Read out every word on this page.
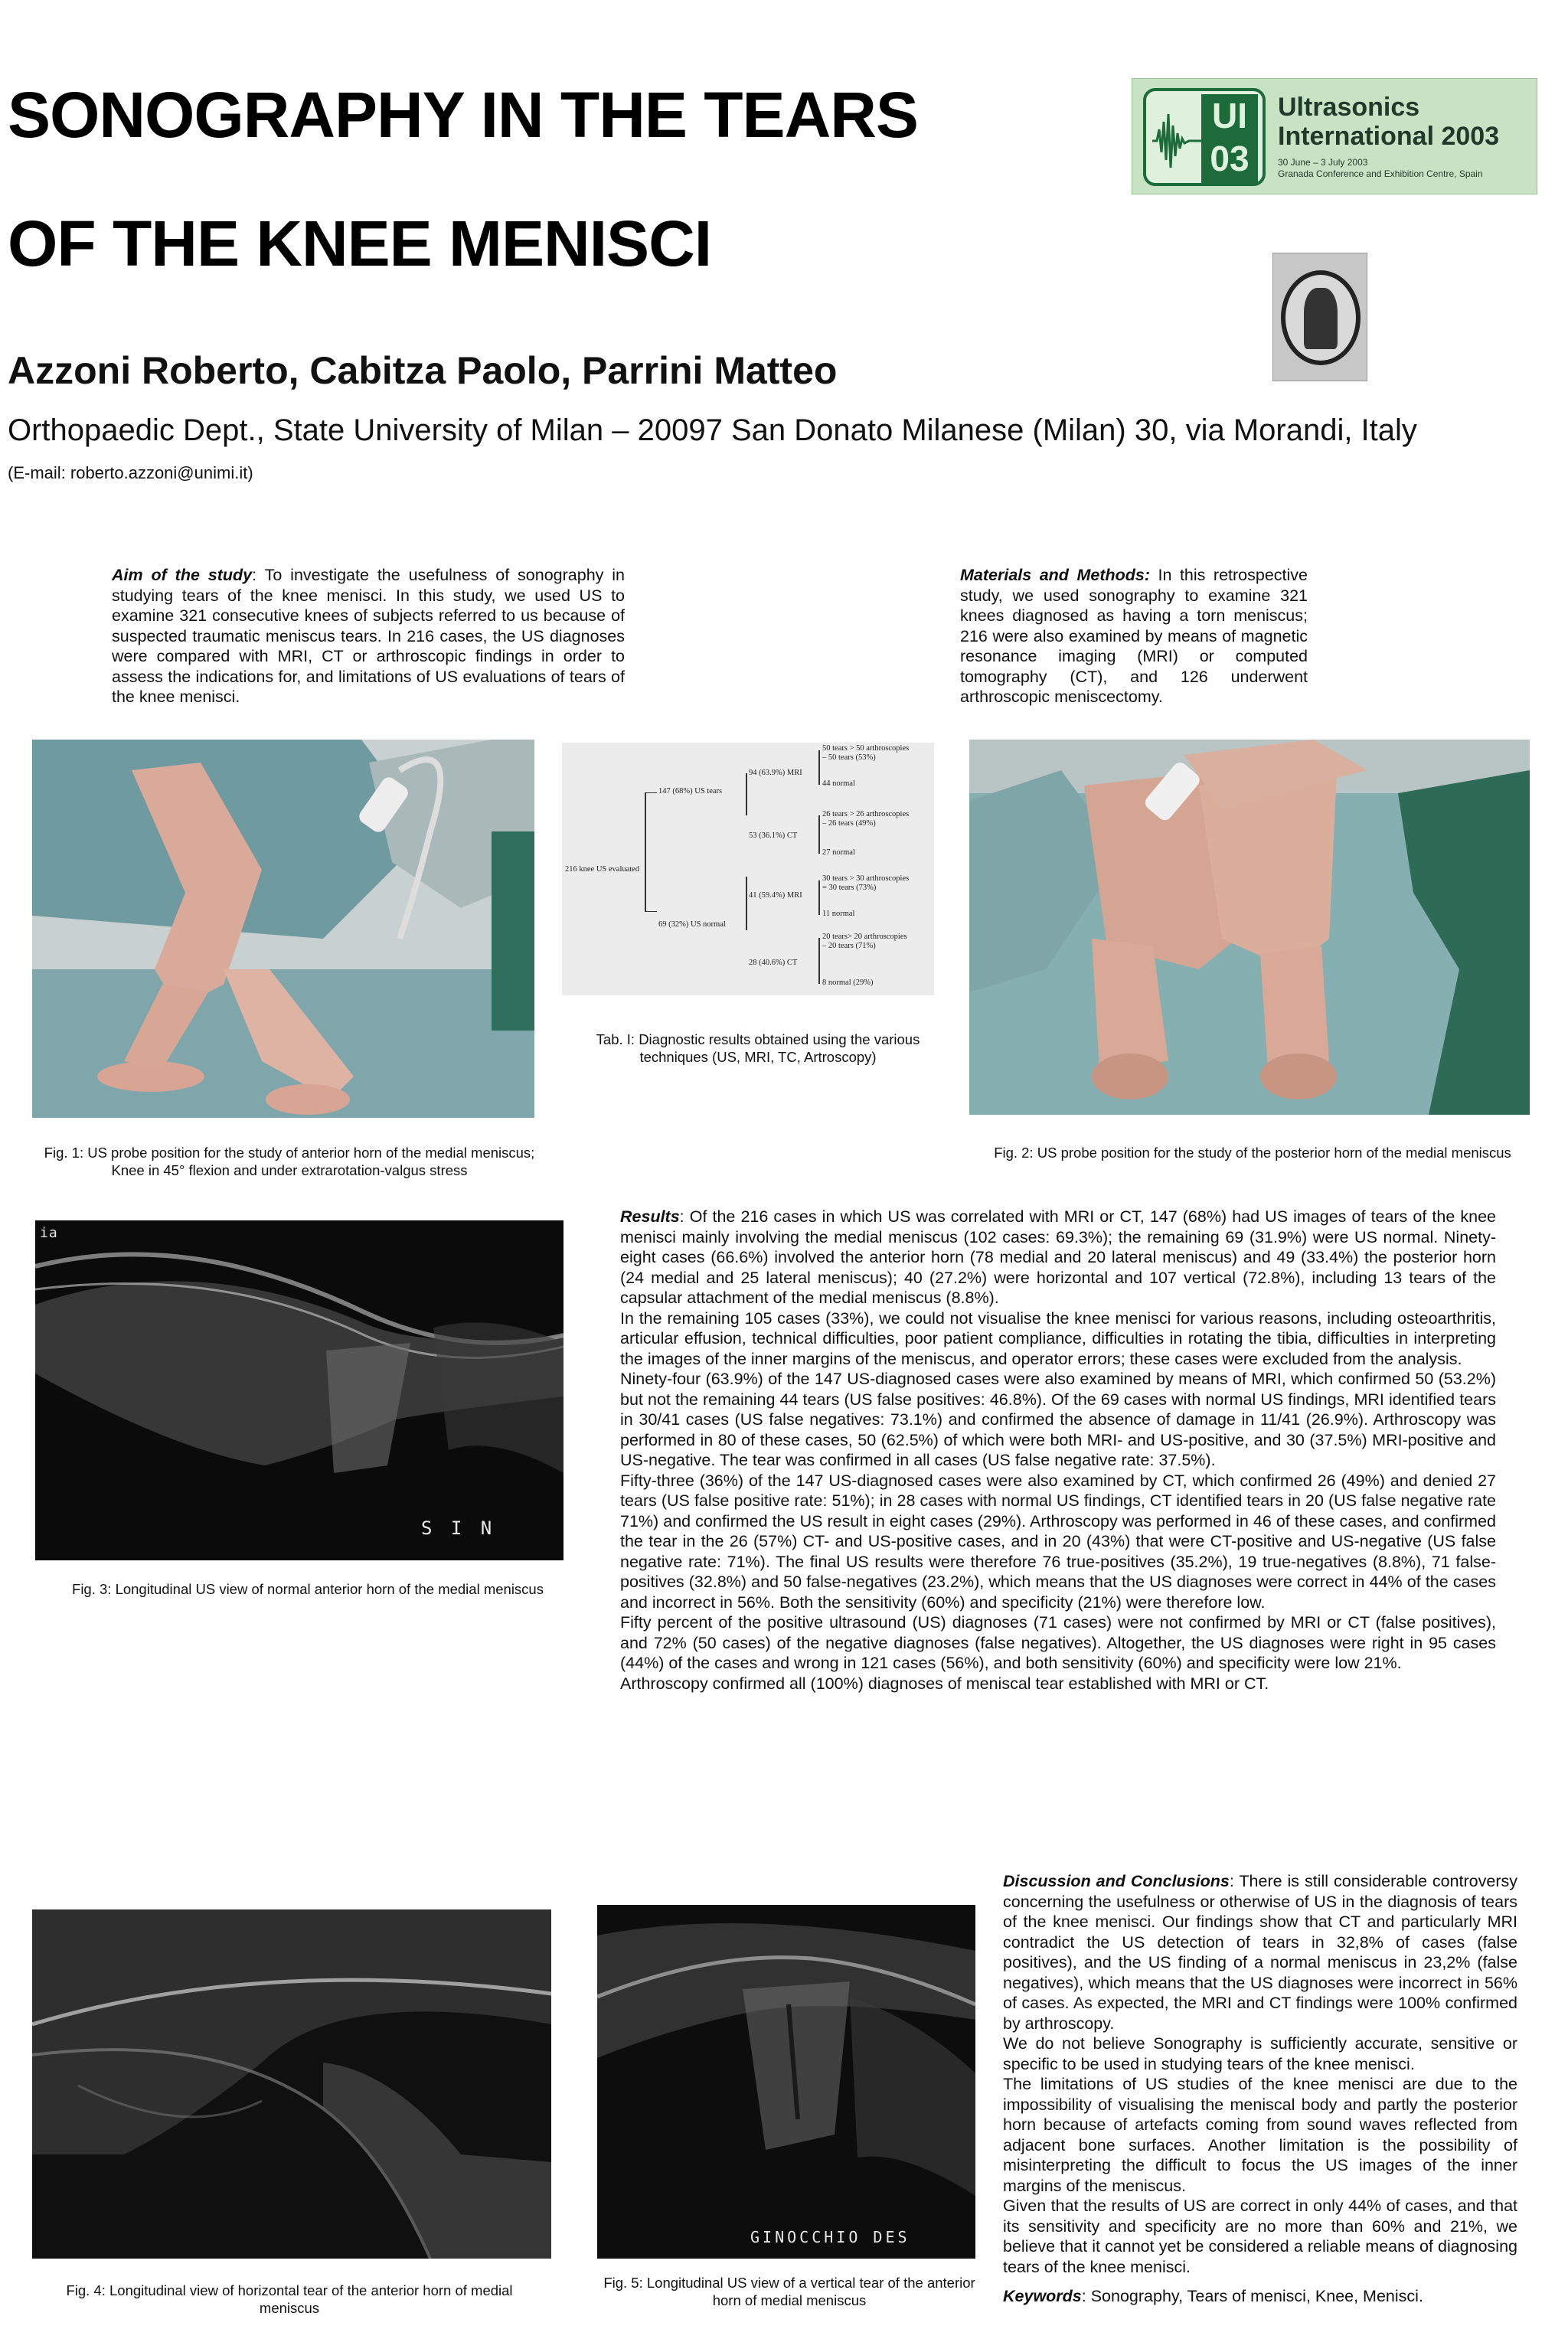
SONOGRAPHY IN THE TEARS
OF THE KNEE MENISCI
Azzoni Roberto, Cabitza Paolo, Parrini Matteo
Orthopaedic Dept., State University of Milan – 20097 San Donato Milanese (Milan) 30, via Morandi, Italy
(E-mail: roberto.azzoni@unimi.it)
UI
03
Ultrasonics
International 2003
30 June – 3 July 2003
Granada Conference and Exhibition Centre, Spain

Aim of the study: To investigate the usefulness of sonography in studying tears of the knee menisci. In this study, we used US to examine 321 consecutive knees of subjects referred to us because of suspected traumatic meniscus tears. In 216 cases, the US diagnoses were compared with MRI, CT or arthroscopic findings in order to assess the indications for, and limitations of US evaluations of tears of the knee menisci.

Materials and Methods: In this retrospective study, we used sonography to examine 321 knees diagnosed as having a torn meniscus; 216 were also examined by means of magnetic resonance imaging (MRI) or computed tomography (CT), and 126 underwent arthroscopic meniscectomy.

216 knee US evaluated
147 (68%) US tears
69 (32%) US normal
94 (63.9%) MRI
53 (36.1%) CT
41 (59.4%) MRI
28 (40.6%) CT
50 tears > 50 arthroscopies
– 50 tears (53%)
44 normal
26 tears > 26 arthroscopies
– 26 tears (49%)
27 normal
30 tears > 30 arthroscopies
= 30 tears (73%)
11 normal
20 tears> 20 arthroscopies
– 20 tears (71%)
8 normal (29%)
Tab. I: Diagnostic results obtained using the various techniques (US, MRI, TC, Artroscopy)
Fig. 1: US probe position for the study of anterior horn of the medial meniscus; Knee in 45° flexion and under extrarotation-valgus stress
Fig. 2: US probe position for the study of the posterior horn of the medial meniscus
ia
S I N
Fig. 3: Longitudinal US view of normal anterior horn of the medial meniscus

Results: Of the 216 cases in which US was correlated with MRI or CT, 147 (68%) had US images of tears of the knee menisci mainly involving the medial meniscus (102 cases: 69.3%); the remaining 69 (31.9%) were US normal. Ninety-eight cases (66.6%) involved the anterior horn (78 medial and 20 lateral meniscus) and 49 (33.4%) the posterior horn (24 medial and 25 lateral meniscus); 40 (27.2%) were horizontal and 107 vertical (72.8%), including 13 tears of the capsular attachment of the medial meniscus (8.8%).

In the remaining 105 cases (33%), we could not visualise the knee menisci for various reasons, including osteoarthritis, articular effusion, technical difficulties, poor patient compliance, difficulties in rotating the tibia, difficulties in interpreting the images of the inner margins of the meniscus, and operator errors; these cases were excluded from the analysis.

Ninety-four (63.9%) of the 147 US-diagnosed cases were also examined by means of MRI, which confirmed 50 (53.2%) but not the remaining 44 tears (US false positives: 46.8%). Of the 69 cases with normal US findings, MRI identified tears in 30/41 cases (US false negatives: 73.1%) and confirmed the absence of damage in 11/41 (26.9%). Arthroscopy was performed in 80 of these cases, 50 (62.5%) of which were both MRI- and US-positive, and 30 (37.5%) MRI-positive and US-negative. The tear was confirmed in all cases (US false negative rate: 37.5%).

Fifty-three (36%) of the 147 US-diagnosed cases were also examined by CT, which confirmed 26 (49%) and denied 27 tears (US false positive rate: 51%); in 28 cases with normal US findings, CT identified tears in 20 (US false negative rate 71%) and confirmed the US result in eight cases (29%). Arthroscopy was performed in 46 of these cases, and confirmed the tear in the 26 (57%) CT- and US-positive cases, and in 20 (43%) that were CT-positive and US-negative (US false negative rate: 71%). The final US results were therefore 76 true-positives (35.2%), 19 true-negatives (8.8%), 71 false-positives (32.8%) and 50 false-negatives (23.2%), which means that the US diagnoses were correct in 44% of the cases and incorrect in 56%. Both the sensitivity (60%) and specificity (21%) were therefore low.

Fifty percent of the positive ultrasound (US) diagnoses (71 cases) were not confirmed by MRI or CT (false positives), and 72% (50 cases) of the negative diagnoses (false negatives). Altogether, the US diagnoses were right in 95 cases (44%) of the cases and wrong in 121 cases (56%), and both sensitivity (60%) and specificity were low 21%.

Arthroscopy confirmed all (100%) diagnoses of meniscal tear established with MRI or CT.

Fig. 4: Longitudinal view of horizontal tear of the anterior horn of medial meniscus
GINOCCHIO DES
Fig. 5: Longitudinal US view of a vertical tear of the anterior horn of medial meniscus

Discussion and Conclusions: There is still considerable controversy concerning the usefulness or otherwise of US in the diagnosis of tears of the knee menisci. Our findings show that CT and particularly MRI contradict the US detection of tears in 32,8% of cases (false positives), and the US finding of a normal meniscus in 23,2% (false negatives), which means that the US diagnoses were incorrect in 56% of cases. As expected, the MRI and CT findings were 100% confirmed by arthroscopy.

We do not believe Sonography is sufficiently accurate, sensitive or specific to be used in studying tears of the knee menisci.

The limitations of US studies of the knee menisci are due to the impossibility of visualising the meniscal body and partly the posterior horn because of artefacts coming from sound waves reflected from adjacent bone surfaces. Another limitation is the possibility of misinterpreting the difficult to focus the US images of the inner margins of the meniscus.

Given that the results of US are correct in only 44% of cases, and that its sensitivity and specificity are no more than 60% and 21%, we believe that it cannot yet be considered a reliable means of diagnosing tears of the knee menisci.

Keywords: Sonography, Tears of menisci, Knee, Menisci.
